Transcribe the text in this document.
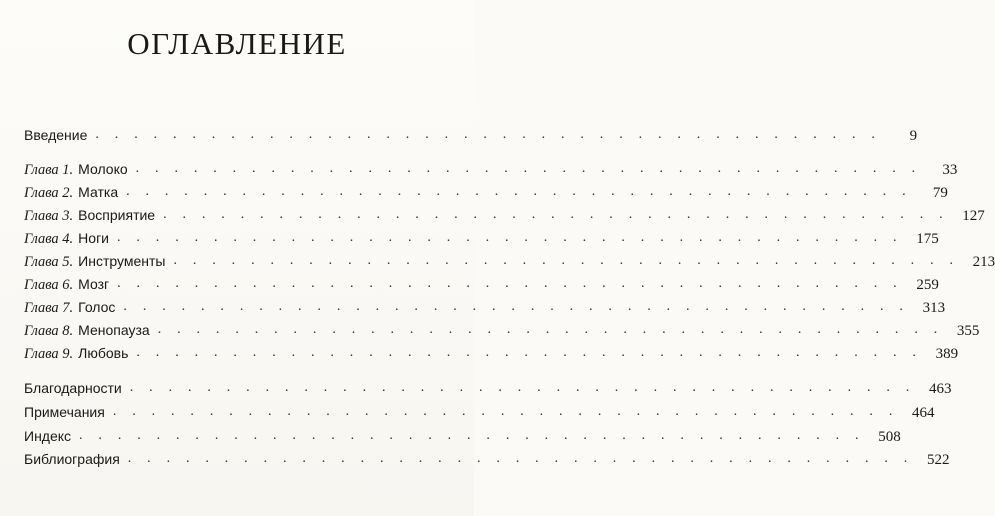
ОГЛАВЛЕНИЕ
Введение . . . . . . . . . . . . . . . . . . . . . . . . . . . . . . . . . . . . . . . . .	9
Глава 1. Молоко . . . . . . . . . . . . . . . . . . . . . . . . . . . . . . . . . . . . . . . . .	33
Глава 2. Матка . . . . . . . . . . . . . . . . . . . . . . . . . . . . . . . . . . . . . . . . .	79
Глава 3. Восприятие . . . . . . . . . . . . . . . . . . . . . . . . . . . . . . . . . . . . . . . . . 127
Глава 4. Ноги . . . . . . . . . . . . . . . . . . . . . . . . . . . . . . . . . . . . . . . . . 175
Глава 5. Инструменты . . . . . . . . . . . . . . . . . . . . . . . . . . . . . . . . . . . . . . . . . 213
Глава 6. Мозг . . . . . . . . . . . . . . . . . . . . . . . . . . . . . . . . . . . . . . . . . 259
Глава 7. Голос . . . . . . . . . . . . . . . . . . . . . . . . . . . . . . . . . . . . . . . . . 313
Глава 8. Менопауза . . . . . . . . . . . . . . . . . . . . . . . . . . . . . . . . . . . . . . . . . 355
Глава 9. Любовь . . . . . . . . . . . . . . . . . . . . . . . . . . . . . . . . . . . . . . . . . 389
Благодарности . . . . . . . . . . . . . . . . . . . . . . . . . . . . . . . . . . . . . . . . . 463
Примечания . . . . . . . . . . . . . . . . . . . . . . . . . . . . . . . . . . . . . . . . . 464
Индекс . . . . . . . . . . . . . . . . . . . . . . . . . . . . . . . . . . . . . . . . . 508
Библиография . . . . . . . . . . . . . . . . . . . . . . . . . . . . . . . . . . . . . . . . . 522
